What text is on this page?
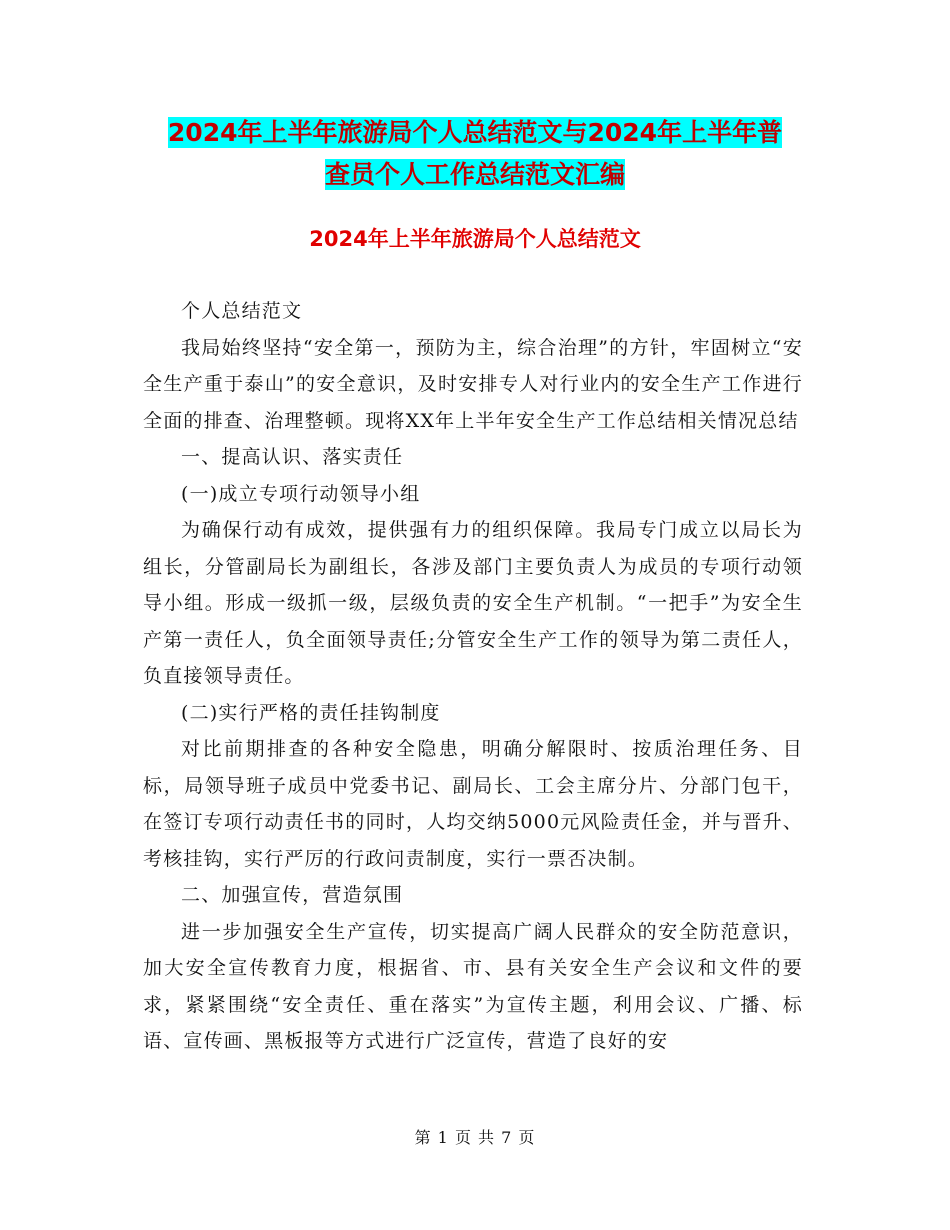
2024年上半年旅游局个人总结范文与2024年上半年普
查员个人工作总结范文汇编
2024年上半年旅游局个人总结范文

个人总结范文

我局始终坚持“安全第一，预防为主，综合治理”的方针，牢固树立“安全生产重于泰山”的安全意识，及时安排专人对行业内的安全生产工作进行全面的排查、治理整顿。现将XX年上半年安全生产工作总结相关情况总结

一、提高认识、落实责任

(一)成立专项行动领导小组

为确保行动有成效，提供强有力的组织保障。我局专门成立以局长为组长，分管副局长为副组长，各涉及部门主要负责人为成员的专项行动领导小组。形成一级抓一级，层级负责的安全生产机制。“一把手”为安全生产第一责任人，负全面领导责任;分管安全生产工作的领导为第二责任人，负直接领导责任。

(二)实行严格的责任挂钩制度

对比前期排查的各种安全隐患，明确分解限时、按质治理任务、目标，局领导班子成员中党委书记、副局长、工会主席分片、分部门包干，在签订专项行动责任书的同时，人均交纳5000元风险责任金，并与晋升、考核挂钩，实行严厉的行政问责制度，实行一票否决制。

二、加强宣传，营造氛围

进一步加强安全生产宣传，切实提高广阔人民群众的安全防范意识，加大安全宣传教育力度，根据省、市、县有关安全生产会议和文件的要求，紧紧围绕“安全责任、重在落实”为宣传主题，利用会议、广播、标语、宣传画、黑板报等方式进行广泛宣传，营造了良好的安

第 1 页 共 7 页
